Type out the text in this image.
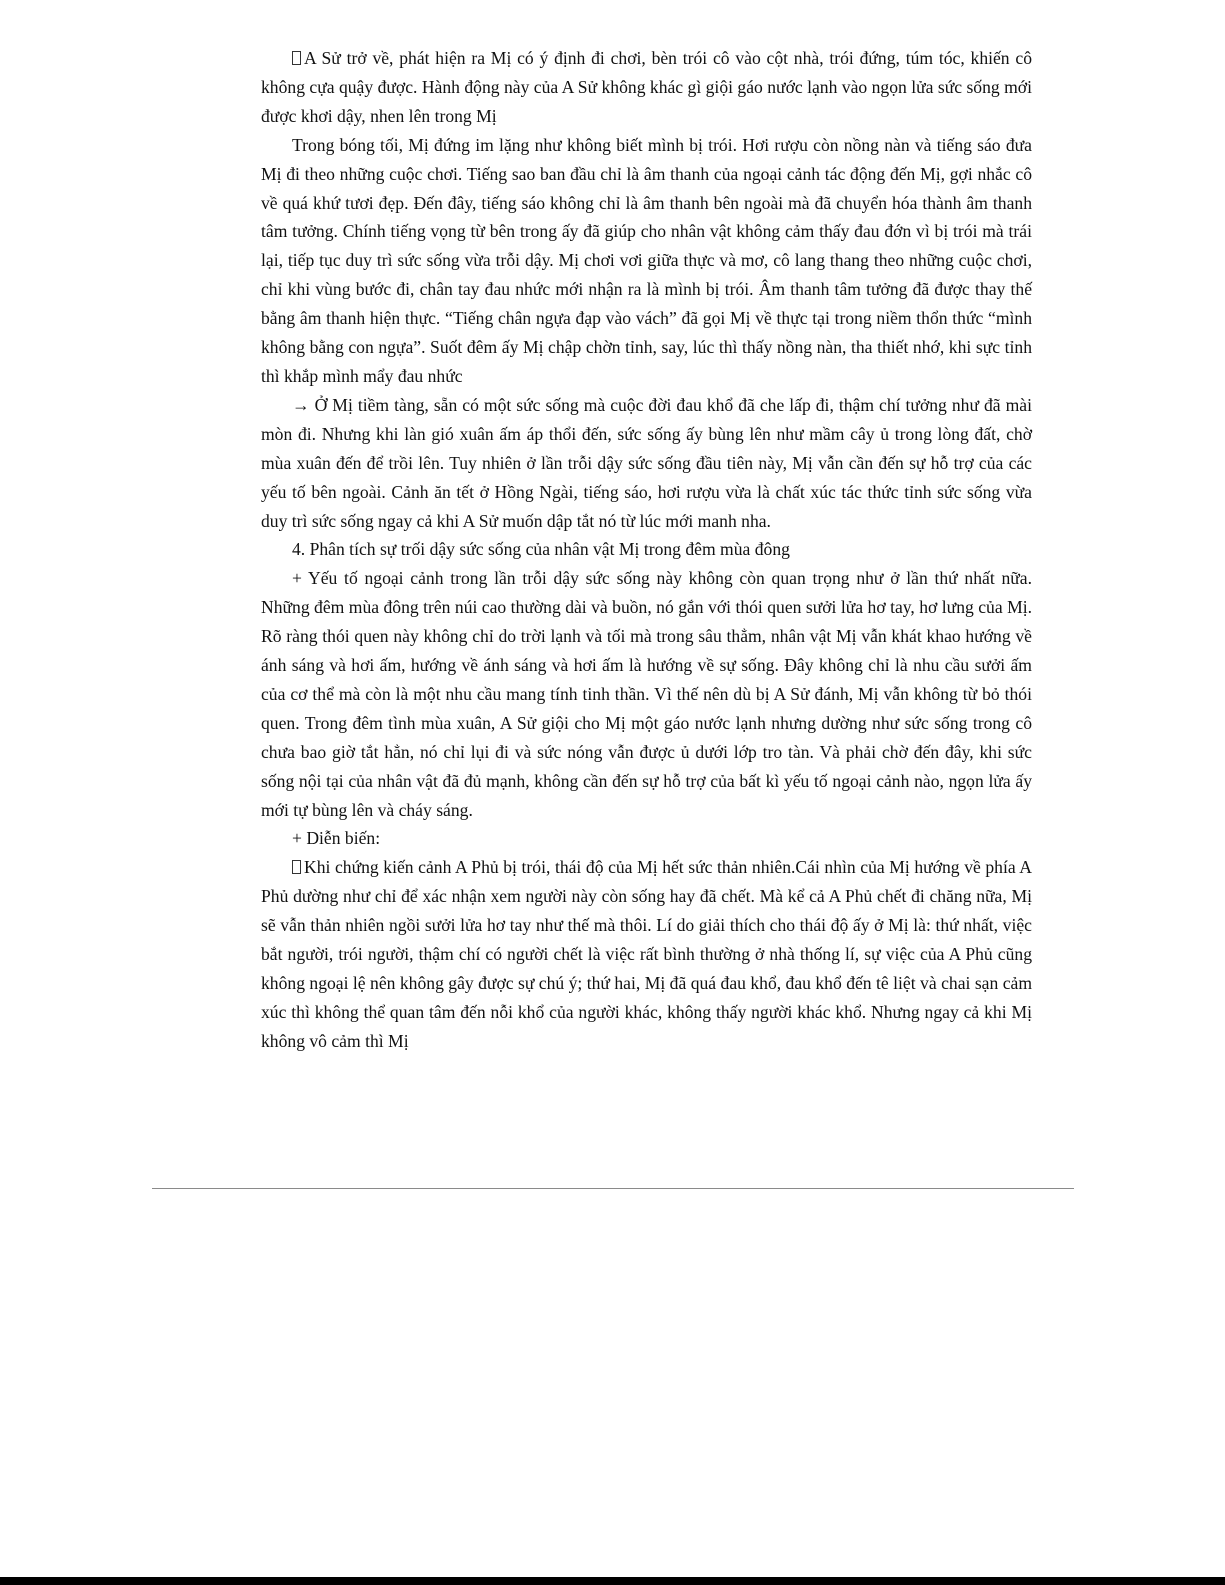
A Sử trở về, phát hiện ra Mị có ý định đi chơi, bèn trói cô vào cột nhà, trói đứng, túm tóc, khiến cô không cựa quậy được. Hành động này của A Sử không khác gì giội gáo nước lạnh vào ngọn lửa sức sống mới được khơi dậy, nhen lên trong Mị

Trong bóng tối, Mị đứng im lặng như không biết mình bị trói. Hơi rượu còn nồng nàn và tiếng sáo đưa Mị đi theo những cuộc chơi. Tiếng sao ban đầu chỉ là âm thanh của ngoại cảnh tác động đến Mị, gợi nhắc cô về quá khứ tươi đẹp. Đến đây, tiếng sáo không chỉ là âm thanh bên ngoài mà đã chuyển hóa thành âm thanh tâm tưởng. Chính tiếng vọng từ bên trong ấy đã giúp cho nhân vật không cảm thấy đau đớn vì bị trói mà trái lại, tiếp tục duy trì sức sống vừa trỗi dậy. Mị chơi vơi giữa thực và mơ, cô lang thang theo những cuộc chơi, chỉ khi vùng bước đi, chân tay đau nhức mới nhận ra là mình bị trói. Âm thanh tâm tưởng đã được thay thế bằng âm thanh hiện thực. “Tiếng chân ngựa đạp vào vách” đã gọi Mị về thực tại trong niềm thổn thức “mình không bằng con ngựa”. Suốt đêm ấy Mị chập chờn tỉnh, say, lúc thì thấy nồng nàn, tha thiết nhớ, khi sực tỉnh thì khắp mình mẩy đau nhức

→ Ở Mị tiềm tàng, sẵn có một sức sống mà cuộc đời đau khổ đã che lấp đi, thậm chí tưởng như đã mài mòn đi. Nhưng khi làn gió xuân ấm áp thổi đến, sức sống ấy bùng lên như mầm cây ủ trong lòng đất, chờ mùa xuân đến để trồi lên. Tuy nhiên ở lần trỗi dậy sức sống đầu tiên này, Mị vẫn cần đến sự hỗ trợ của các yếu tố bên ngoài. Cảnh ăn tết ở Hồng Ngài, tiếng sáo, hơi rượu vừa là chất xúc tác thức tỉnh sức sống vừa duy trì sức sống ngay cả khi A Sử muốn dập tắt nó từ lúc mới manh nha.

4. Phân tích sự trối dậy sức sống của nhân vật Mị trong đêm mùa đông

+ Yếu tố ngoại cảnh trong lần trỗi dậy sức sống này không còn quan trọng như ở lần thứ nhất nữa. Những đêm mùa đông trên núi cao thường dài và buồn, nó gắn với thói quen sưởi lửa hơ tay, hơ lưng của Mị. Rõ ràng thói quen này không chỉ do trời lạnh và tối mà trong sâu thẳm, nhân vật Mị vẫn khát khao hướng về ánh sáng và hơi ấm, hướng về ánh sáng và hơi ấm là hướng về sự sống. Đây không chỉ là nhu cầu sưởi ấm của cơ thể mà còn là một nhu cầu mang tính tinh thần. Vì thế nên dù bị A Sử đánh, Mị vẫn không từ bỏ thói quen. Trong đêm tình mùa xuân, A Sử giội cho Mị một gáo nước lạnh nhưng dường như sức sống trong cô chưa bao giờ tắt hẳn, nó chỉ lụi đi và sức nóng vẫn được ủ dưới lớp tro tàn. Và phải chờ đến đây, khi sức sống nội tại của nhân vật đã đủ mạnh, không cần đến sự hỗ trợ của bất kì yếu tố ngoại cảnh nào, ngọn lửa ấy mới tự bùng lên và cháy sáng.

+ Diễn biến:

Khi chứng kiến cảnh A Phủ bị trói, thái độ của Mị hết sức thản nhiên.Cái nhìn của Mị hướng về phía A Phủ dường như chỉ để xác nhận xem người này còn sống hay đã chết. Mà kể cả A Phủ chết đi chăng nữa, Mị sẽ vẫn thản nhiên ngồi sưởi lửa hơ tay như thế mà thôi. Lí do giải thích cho thái độ ấy ở Mị là: thứ nhất, việc bắt người, trói người, thậm chí có người chết là việc rất bình thường ở nhà thống lí, sự việc của A Phủ cũng không ngoại lệ nên không gây được sự chú ý; thứ hai, Mị đã quá đau khổ, đau khổ đến tê liệt và chai sạn cảm xúc thì không thể quan tâm đến nỗi khổ của người khác, không thấy người khác khổ. Nhưng ngay cả khi Mị không vô cảm thì Mị
